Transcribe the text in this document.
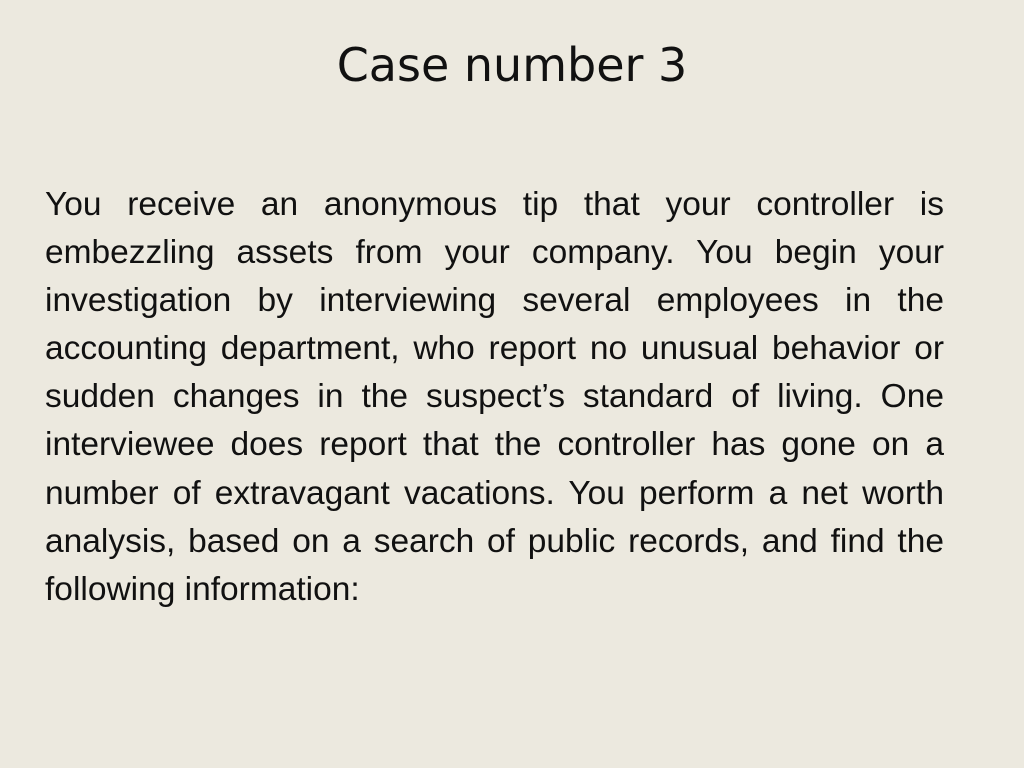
Case number 3

You receive an anonymous tip that your controller is embezzling assets from your company. You begin your investigation by interviewing several employees in the accounting department, who report no unusual behavior or sudden changes in the suspect’s standard of living. One interviewee does report that the controller has gone on a number of extravagant vacations. You perform a net worth analysis, based on a search of public records, and find the following information:
